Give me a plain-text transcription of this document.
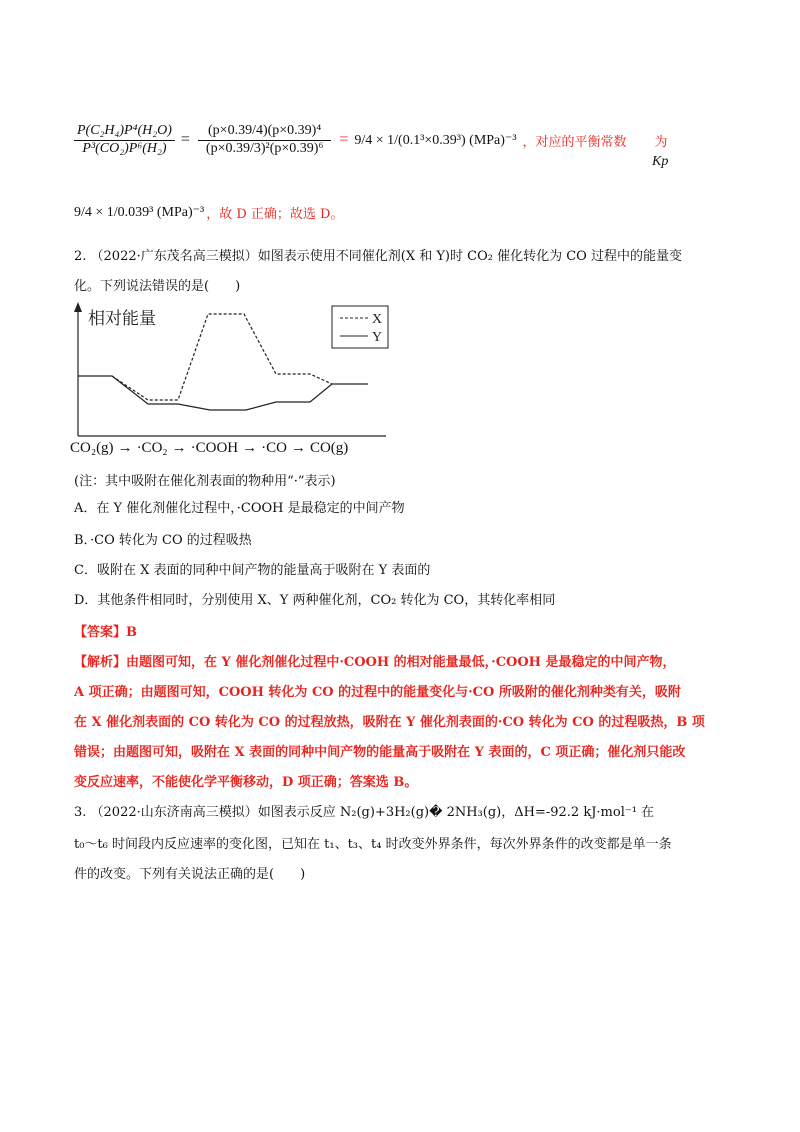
$\frac{\text{P(C₂H₄)P⁴(H₂O)}}{\text{P³(CO₂)P⁶(H₂)}} = \frac{\text{(p×0.39/4)(p×0.39)⁴}}{\text{(p×0.39/3)²(p×0.39)⁶}} = 9/4 \times 1/(0.1^3\times 0.39^3)$ (MPa)⁻³ ，对应的平衡常数 为
Kp
9/4 × 1/0.039³ (MPa)⁻³ ，故 D 正确；故选 D。
2. （2022·广东茂名高三模拟）如图表示使用不同催化剂(X 和 Y)时 CO₂ 催化转化为 CO 过程中的能量变
化。下列说法错误的是(　　)
相对能量	X
Y
CO₂(g) → ·CO₂ → ·COOH → ·CO → CO(g)
(注：其中吸附在催化剂表面的物种用“·”表示)
A．在 Y 催化剂催化过程中，·COOH 是最稳定的中间产物
B．·CO 转化为 CO 的过程吸热
C．吸附在 X 表面的同种中间产物的能量高于吸附在 Y 表面的
D．其他条件相同时，分别使用 X、Y 两种催化剂，CO₂ 转化为 CO，其转化率相同
【答案】B
【解析】由题图可知，在 Y 催化剂催化过程中·COOH 的相对能量最低，·COOH 是最稳定的中间产物，
A 项正确；由题图可知，COOH 转化为 CO 的过程中的能量变化与·CO 所吸附的催化剂种类有关，吸附
在 X 催化剂表面的 CO 转化为 CO 的过程放热，吸附在 Y 催化剂表面的·CO 转化为 CO 的过程吸热，B 项
错误；由题图可知，吸附在 X 表面的同种中间产物的能量高于吸附在 Y 表面的，C 项正确；催化剂只能改
变反应速率，不能使化学平衡移动，D 项正确；答案选 B。
3. （2022·山东济南高三模拟）如图表示反应 N₂(g)+3H₂(g)� 2NH₃(g)，ΔH=-92.2 kJ·mol⁻¹ 在
t₀～t₆ 时间段内反应速率的变化图，已知在 t₁、t₃、t₄ 时改变外界条件，每次外界条件的改变都是单一条
件的改变。下列有关说法正确的是(　　)
